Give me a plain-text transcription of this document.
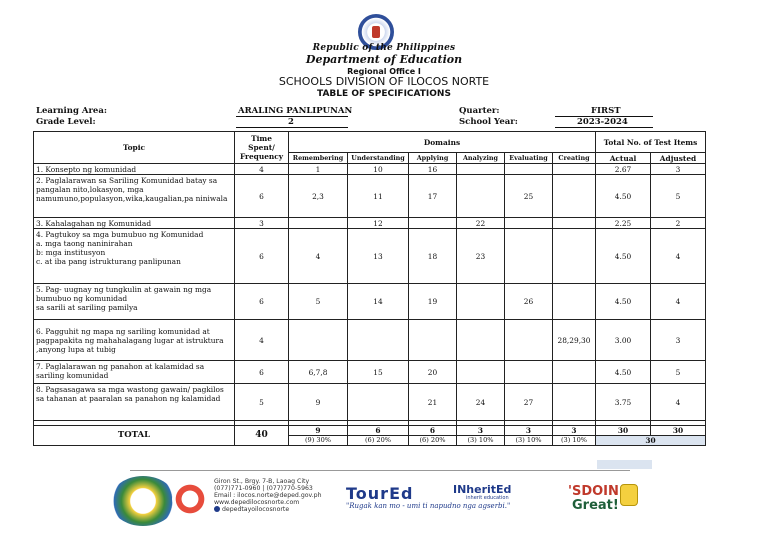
Republic of the Philippines
Department of Education
Regional Office I
SCHOOLS DIVISION OF ILOCOS NORTE
TABLE OF SPECIFICATIONS
Learning Area:	ARALING PANLIPUNAN
Grade Level:	2
Quarter:	FIRST
School Year:	2023-2024
Topic	Time Spent/ Frequency	Domains						Total No. of Test Items	
		Remembering	Understanding	Applying	Analyzing	Evaluating	Creating	Actual	Adjusted
1. Konsepto ng komunidad	4	1	10	16				2.67	3
2. Paglalarawan sa Sariling Komunidad batay sa pangalan nito,lokasyon, mga namumuno,populasyon,wika,kaugalian,pa niniwala	6	2,3	11	17		25		4.50	5
3. Kahalagahan ng Komunidad	3		12		22			2.25	2
4. Pagtukoy sa mga bumubuo ng Komunidad
a. mga taong naninirahan
b: mga institusyon
c. at iba pang istrukturang panlipunan	6	4	13	18	23			4.50	4
5. Pag- uugnay ng tungkulin at gawain ng mga bumubuo ng komunidad
sa sarili at sariling pamilya	6	5	14	19		26		4.50	4
6. Pagguhit ng mapa ng sariling komunidad at pagpapakita ng mahahalagang lugar at istruktura ,anyong lupa at tubig	4						28,29,30	3.00	3
7. Paglalarawan ng panahon at kalamidad sa sariling komunidad	6	6,7,8	15	20				4.50	5
8. Pagsasagawa sa mga wastong gawain/ pagkilos sa tahanan at paaralan sa panahon ng kalamidad	5	9		21	24	27		3.75	4

TOTAL	40	9	6	6	3	3	3	30	30
		(9) 30%	(6) 20%	(6) 20%	(3) 10%	(3) 10%	(3) 10%	30	
Giron St., Brgy. 7-B, Laoag City
(077)771-0960 | (077)770-5963
Email : ilocos.norte@deped.gov.ph
www.depedilocosnorte.com
depedtayoilocosnorte
TourEd	INheritEd
inherit education
"Rugak kan mo - umi ti napudno nga agserbi."
'SDOIN
Great!
